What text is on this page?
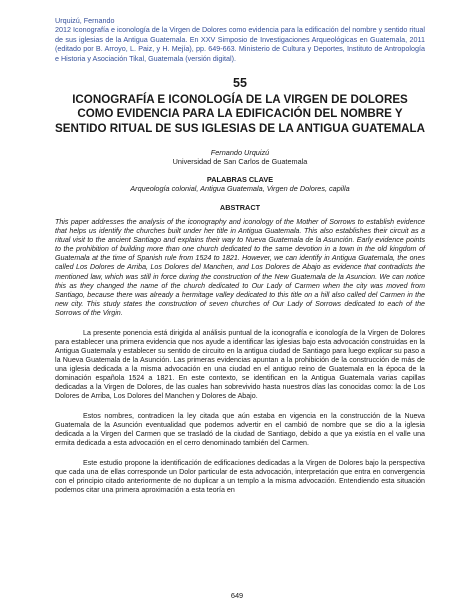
Urquizú, Fernando
2012 Iconografía e iconología de la Virgen de Dolores como evidencia para la edificación del nombre y sentido ritual de sus iglesias de la Antigua Guatemala. En XXV Simposio de Investigaciones Arqueológicas en Guatemala, 2011 (editado por B. Arroyo, L. Paiz, y H. Mejía), pp. 649-663. Ministerio de Cultura y Deportes, Instituto de Antropología e Historia y Asociación Tikal, Guatemala (versión digital).
55
ICONOGRAFÍA E ICONOLOGÍA DE LA VIRGEN DE DOLORES COMO EVIDENCIA PARA LA EDIFICACIÓN DEL NOMBRE Y SENTIDO RITUAL DE SUS IGLESIAS DE LA ANTIGUA GUATEMALA
Fernando Urquizú
Universidad de San Carlos de Guatemala
PALABRAS CLAVE
Arqueología colonial, Antigua Guatemala, Virgen de Dolores, capilla
ABSTRACT
This paper addresses the analysis of the iconography and iconology of the Mother of Sorrows to establish evidence that helps us identify the churches built under her title in Antigua Guatemala. This also establishes their circuit as a ritual visit to the ancient Santiago and explains their way to Nueva Guatemala de la Asunción. Early evidence points to the prohibition of building more than one church dedicated to the same devotion in a town in the old kingdom of Guatemala at the time of Spanish rule from 1524 to 1821. However, we can identify in Antigua Guatemala, the ones called Los Dolores de Arriba, Los Dolores del Manchen, and Los Dolores de Abajo as evidence that contradicts the mentioned law, which was still in force during the construction of the New Guatemala de la Asuncion. We can notice this as they changed the name of the church dedicated to Our Lady of Carmen when the city was moved from Santiago, because there was already a hermitage valley dedicated to this title on a hill also called del Carmen in the new city. This study states the construction of seven churches of Our Lady of Sorrows dedicated to each of the Sorrows of the Virgin.
La presente ponencia está dirigida al análisis puntual de la iconografía e iconología de la Virgen de Dolores para establecer una primera evidencia que nos ayude a identificar las iglesias bajo esta advocación construidas en la Antigua Guatemala y establecer su sentido de circuito en la antigua ciudad de Santiago para luego explicar su paso a la Nueva Guatemala de la Asunción. Las primeras evidencias apuntan a la prohibición de la construcción de más de una iglesia dedicada a la misma advocación en una ciudad en el antiguo reino de Guatemala en la época de la dominación española 1524 a 1821. En este contexto, se identifican en la Antigua Guatemala varias capillas dedicadas a la Virgen de Dolores, de las cuales han sobrevivido hasta nuestros días las conocidas como: la de Los Dolores de Arriba, Los Dolores del Manchen y Dolores de Abajo.
Estos nombres, contradicen la ley citada que aún estaba en vigencia en la construcción de la Nueva Guatemala de la Asunción eventualidad que podemos advertir en el cambió de nombre que se dio a la iglesia dedicada a la Virgen del Carmen que se trasladó de la ciudad de Santiago, debido a que ya existía en el valle una ermita dedicada a esta advocación en el cerro denominado también del Carmen.
Este estudio propone la identificación de edificaciones dedicadas a la Virgen de Dolores bajo la perspectiva que cada una de ellas corresponde un Dolor particular de esta advocación, interpretación que entra en convergencia con el principio citado anteriormente de no duplicar a un templo a la misma advocación. Entendiendo esta situación podemos citar una primera aproximación a esta teoría en
649
